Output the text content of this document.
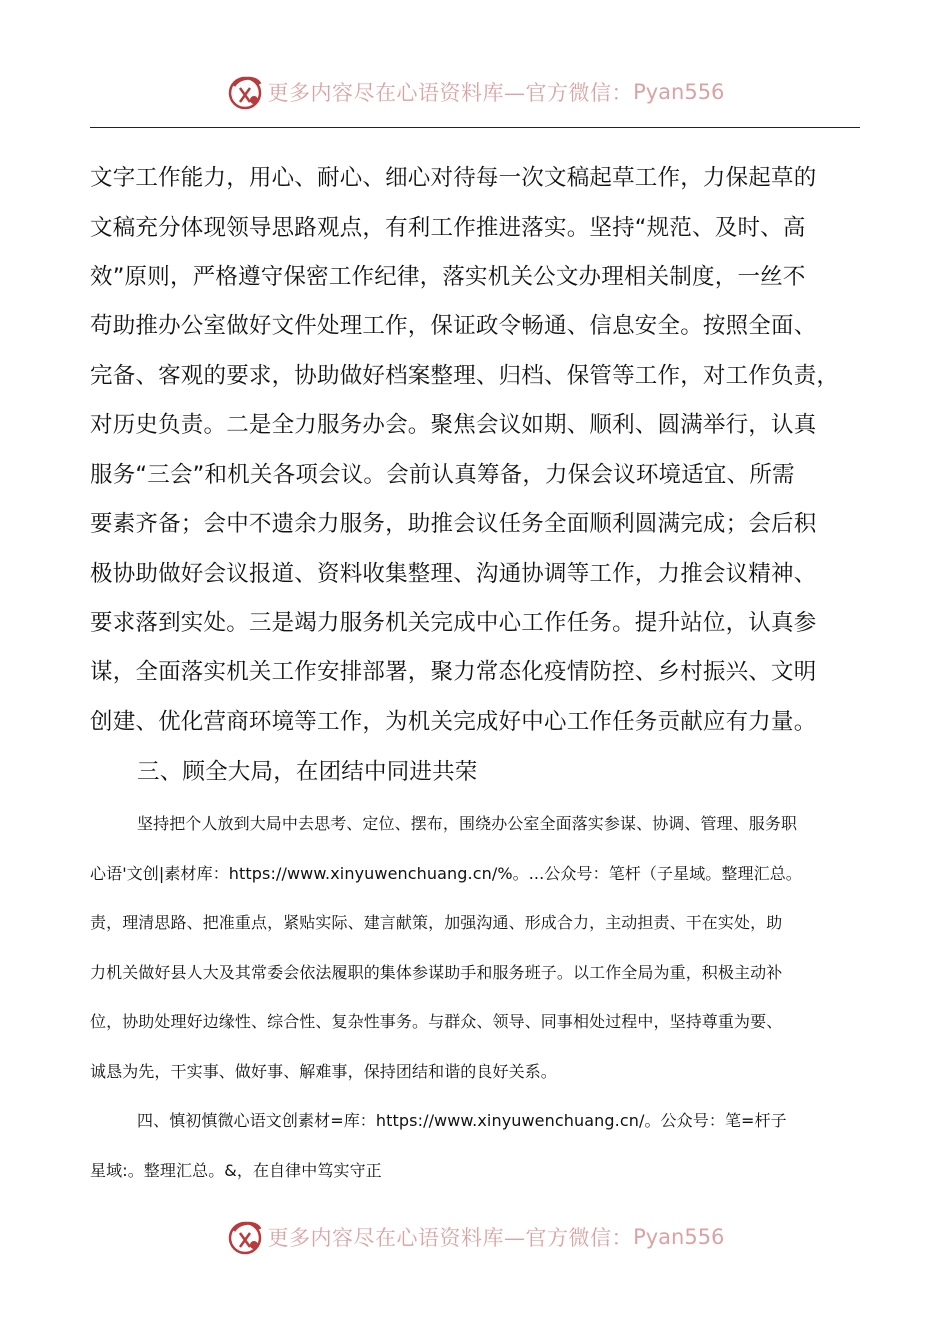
更多内容尽在心语资料库—官方微信： Pyan556
文字工作能力，用心、耐心、细心对待每一次文稿起草工作，力保起草的
文稿充分体现领导思路观点，有利工作推进落实。坚持“规范、及时、高
效”原则，严格遵守保密工作纪律，落实机关公文办理相关制度，一丝不
苟助推办公室做好文件处理工作，保证政令畅通、信息安全。按照全面、
完备、客观的要求，协助做好档案整理、归档、保管等工作，对工作负责，
对历史负责。二是全力服务办会。聚焦会议如期、顺利、圆满举行，认真
服务“三会”和机关各项会议。会前认真筹备，力保会议环境适宜、所需
要素齐备；会中不遗余力服务，助推会议任务全面顺利圆满完成；会后积
极协助做好会议报道、资料收集整理、沟通协调等工作，力推会议精神、
要求落到实处。三是竭力服务机关完成中心工作任务。提升站位，认真参
谋，全面落实机关工作安排部署，聚力常态化疫情防控、乡村振兴、文明
创建、优化营商环境等工作，为机关完成好中心工作任务贡献应有力量。
三、顾全大局，在团结中同进共荣
坚持把个人放到大局中去思考、定位、摆布，围绕办公室全面落实参谋、协调、管理、服务职
心语'文创|素材库：https://www.xinyuwenchuang.cn/%。...公众号：笔杆（子星域。整理汇总。
责，理清思路、把准重点，紧贴实际、建言献策，加强沟通、形成合力，主动担责、干在实处，助
力机关做好县人大及其常委会依法履职的集体参谋助手和服务班子。以工作全局为重，积极主动补
位，协助处理好边缘性、综合性、复杂性事务。与群众、领导、同事相处过程中，坚持尊重为要、
诚恳为先，干实事、做好事、解难事，保持团结和谐的良好关系。
四、慎初慎微心语文创素材=库：https://www.xinyuwenchuang.cn/。公众号：笔=杆子
星域:。整理汇总。&，在自律中笃实守正
更多内容尽在心语资料库—官方微信： Pyan556
